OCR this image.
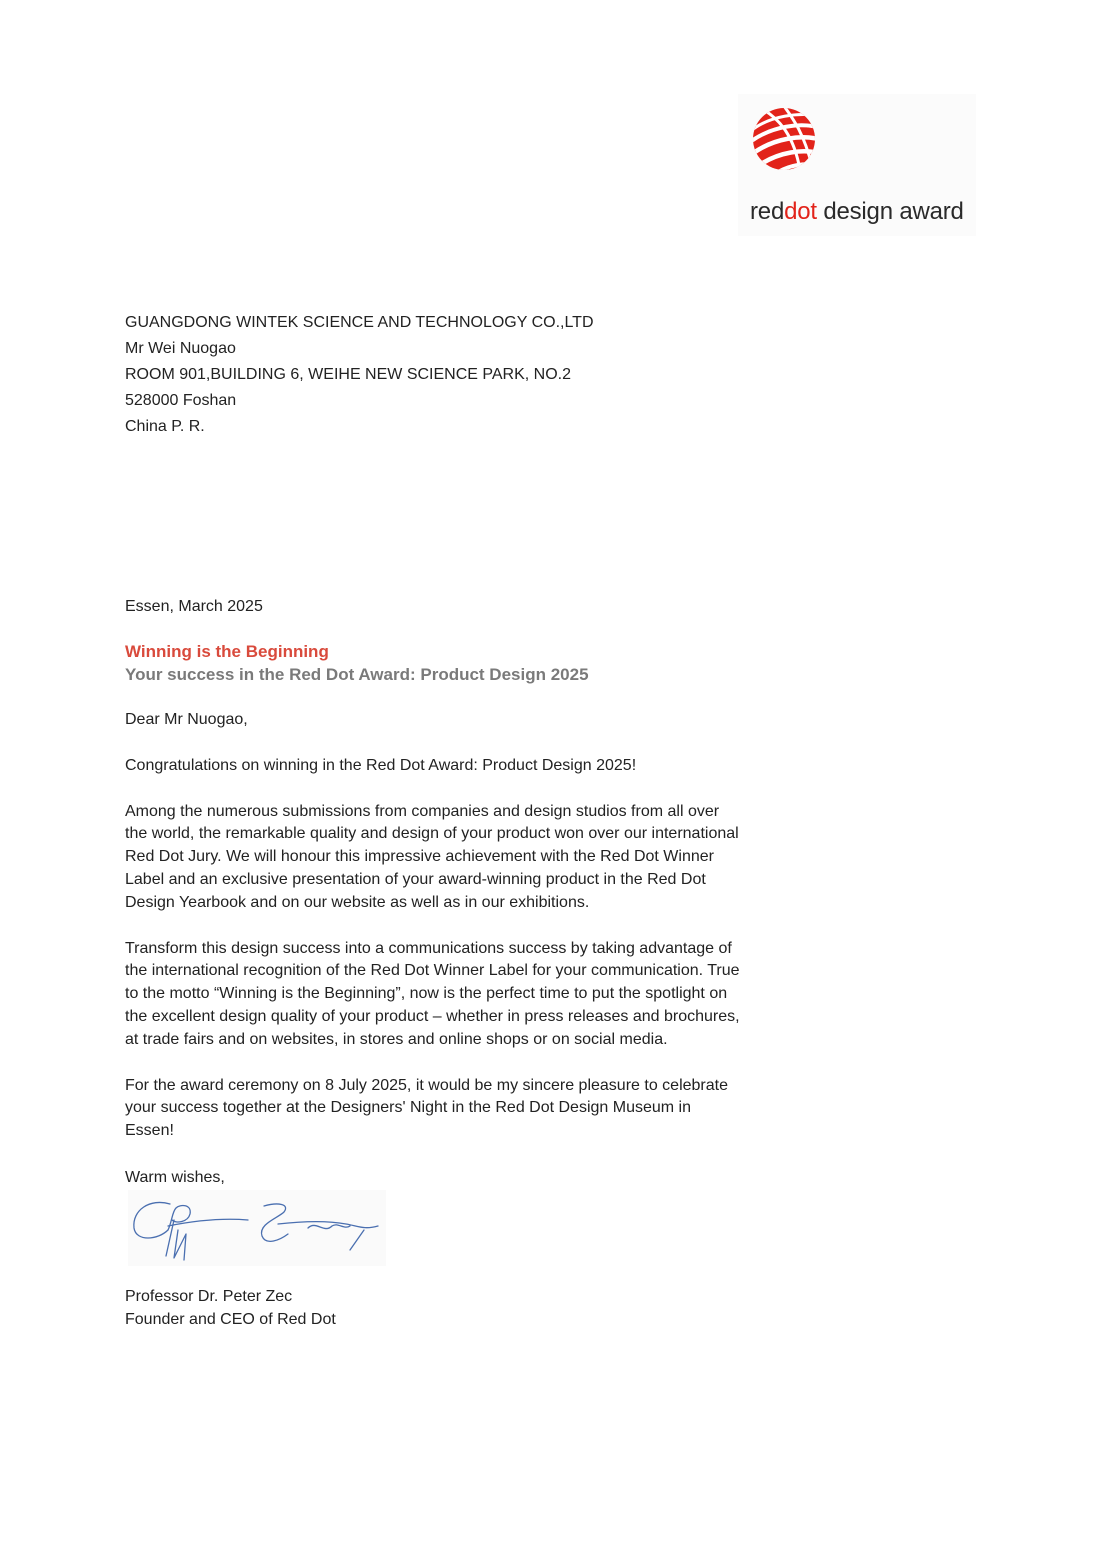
reddot design award
GUANGDONG WINTEK SCIENCE AND TECHNOLOGY CO.,LTD
Mr Wei Nuogao
ROOM 901,BUILDING 6, WEIHE NEW SCIENCE PARK, NO.2
528000 Foshan
China P. R.
Essen, March 2025
Winning is the Beginning
Your success in the Red Dot Award: Product Design 2025

Dear Mr Nuogao,

Congratulations on winning in the Red Dot Award: Product Design 2025!

Among the numerous submissions from companies and design studios from all over the world, the remarkable quality and design of your product won over our international Red Dot Jury. We will honour this impressive achievement with the Red Dot Winner Label and an exclusive presentation of your award-winning product in the Red Dot Design Yearbook and on our website as well as in our exhibitions.

Transform this design success into a communications success by taking advantage of the international recognition of the Red Dot Winner Label for your communication. True to the motto “Winning is the Beginning”, now is the perfect time to put the spotlight on the excellent design quality of your product – whether in press releases and brochures, at trade fairs and on websites, in stores and online shops or on social media.

For the award ceremony on 8 July 2025, it would be my sincere pleasure to celebrate your success together at the Designers' Night in the Red Dot Design Museum in Essen!

Warm wishes,
Professor Dr. Peter Zec
Founder and CEO of Red Dot
